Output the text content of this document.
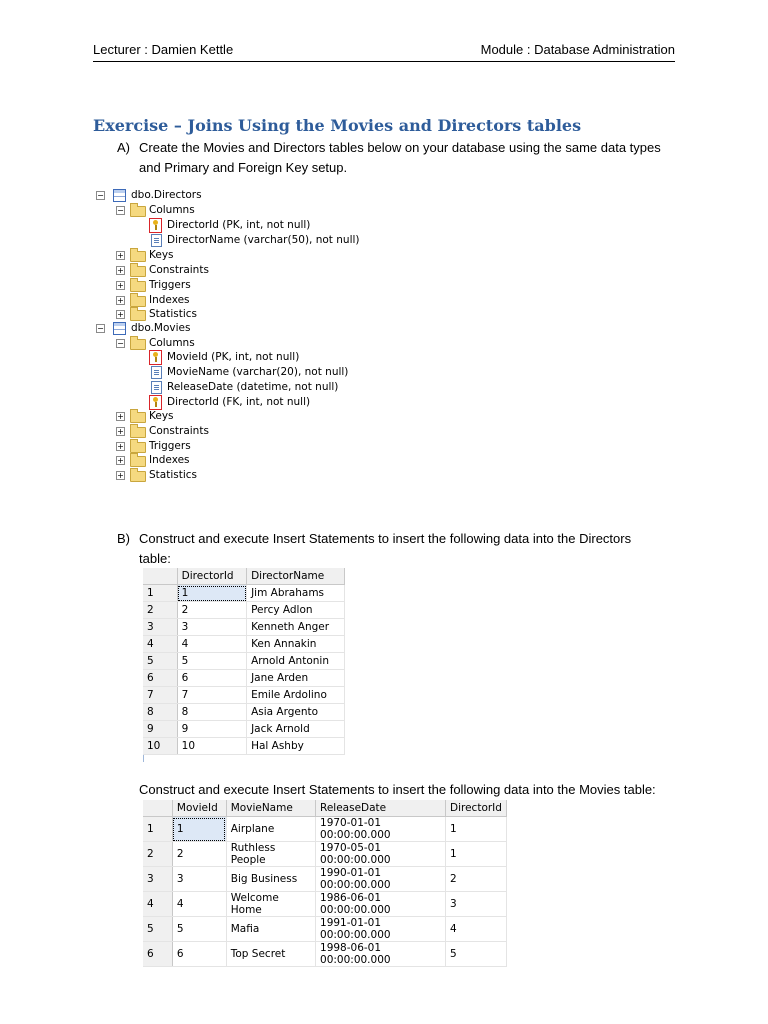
Lecturer : Damien Kettle	Module : Database Administration
Exercise – Joins Using the Movies and Directors tables
A) Create the Movies and Directors tables below on your database using the same data types
and Primary and Foreign Key setup.
−	dbo.Directors
− Columns
DirectorId (PK, int, not null)
DirectorName (varchar(50), not null)
+ Keys
+ Constraints
+ Triggers
+ Indexes
+ Statistics
−	dbo.Movies
− Columns
MovieId (PK, int, not null)
MovieName (varchar(20), not null)
ReleaseDate (datetime, not null)
DirectorId (FK, int, not null)
+ Keys
+ Constraints
+ Triggers
+ Indexes
+ Statistics
B) Construct and execute Insert Statements to insert the following data into the Directors
table:
	DirectorId	DirectorName
1	1	Jim Abrahams
2	2	Percy Adlon
3	3	Kenneth Anger
4	4	Ken Annakin
5	5	Arnold Antonin
6	6	Jane Arden
7	7	Emile Ardolino
8	8	Asia Argento
9	9	Jack Arnold
10	10	Hal Ashby
Construct and execute Insert Statements to insert the following data into the Movies table:
	MovieId	MovieName	ReleaseDate	DirectorId
1	1	Airplane	1970-01-01 00:00:00.000	1
2	2	Ruthless People	1970-05-01 00:00:00.000	1
3	3	Big Business	1990-01-01 00:00:00.000	2
4	4	Welcome Home	1986-06-01 00:00:00.000	3
5	5	Mafia	1991-01-01 00:00:00.000	4
6	6	Top Secret	1998-06-01 00:00:00.000	5
